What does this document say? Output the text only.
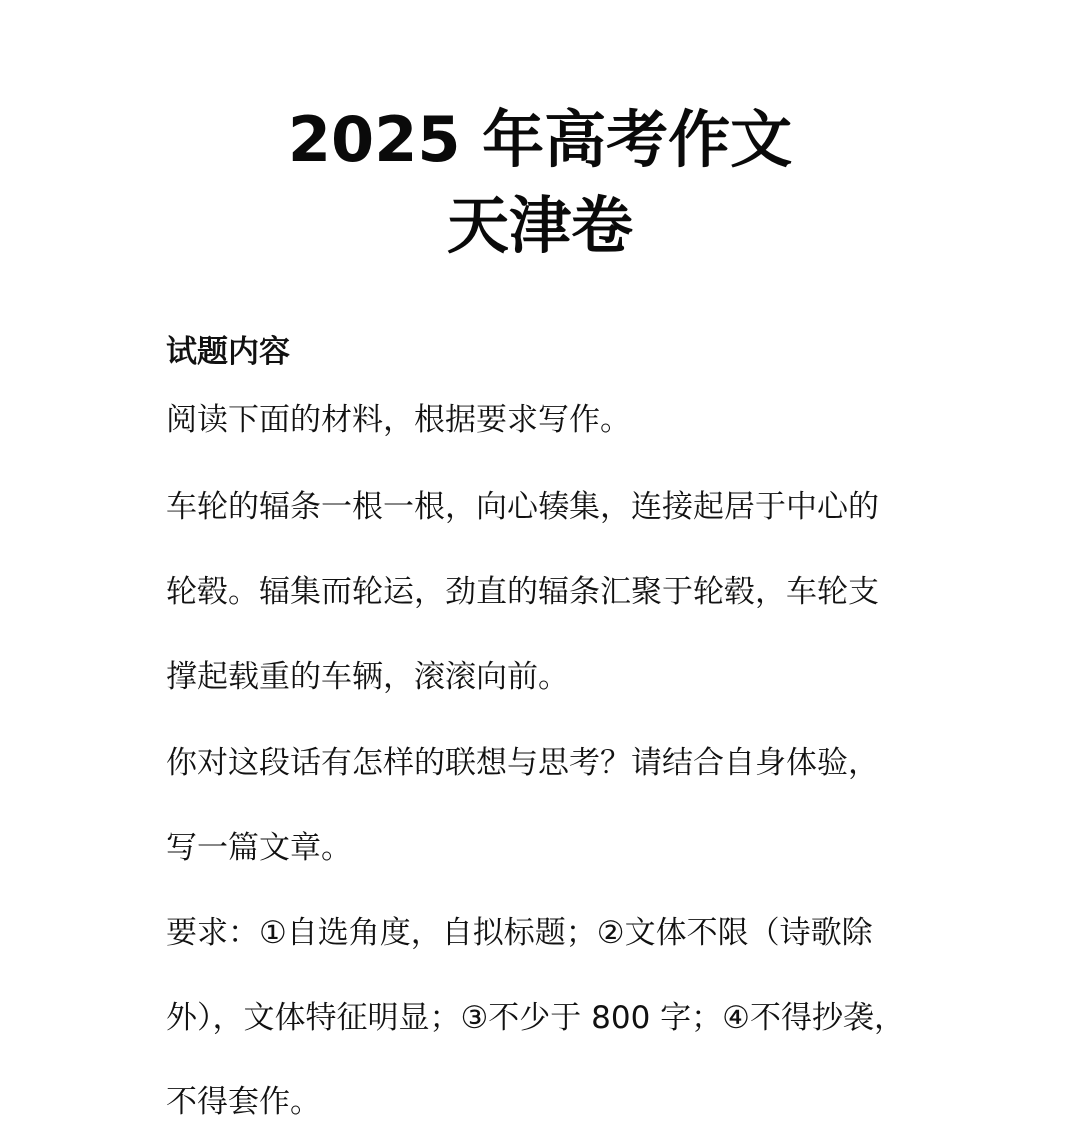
2025 年高考作文
天津卷
试题内容
阅读下面的材料，根据要求写作。
车轮的辐条一根一根，向心辏集，连接起居于中心的
轮毂。辐集而轮运，劲直的辐条汇聚于轮毂，车轮支
撑起载重的车辆，滚滚向前。
你对这段话有怎样的联想与思考？请结合自身体验，
写一篇文章。
要求：①自选角度，自拟标题；②文体不限（诗歌除
外），文体特征明显；③不少于 800 字；④不得抄袭，
不得套作。
